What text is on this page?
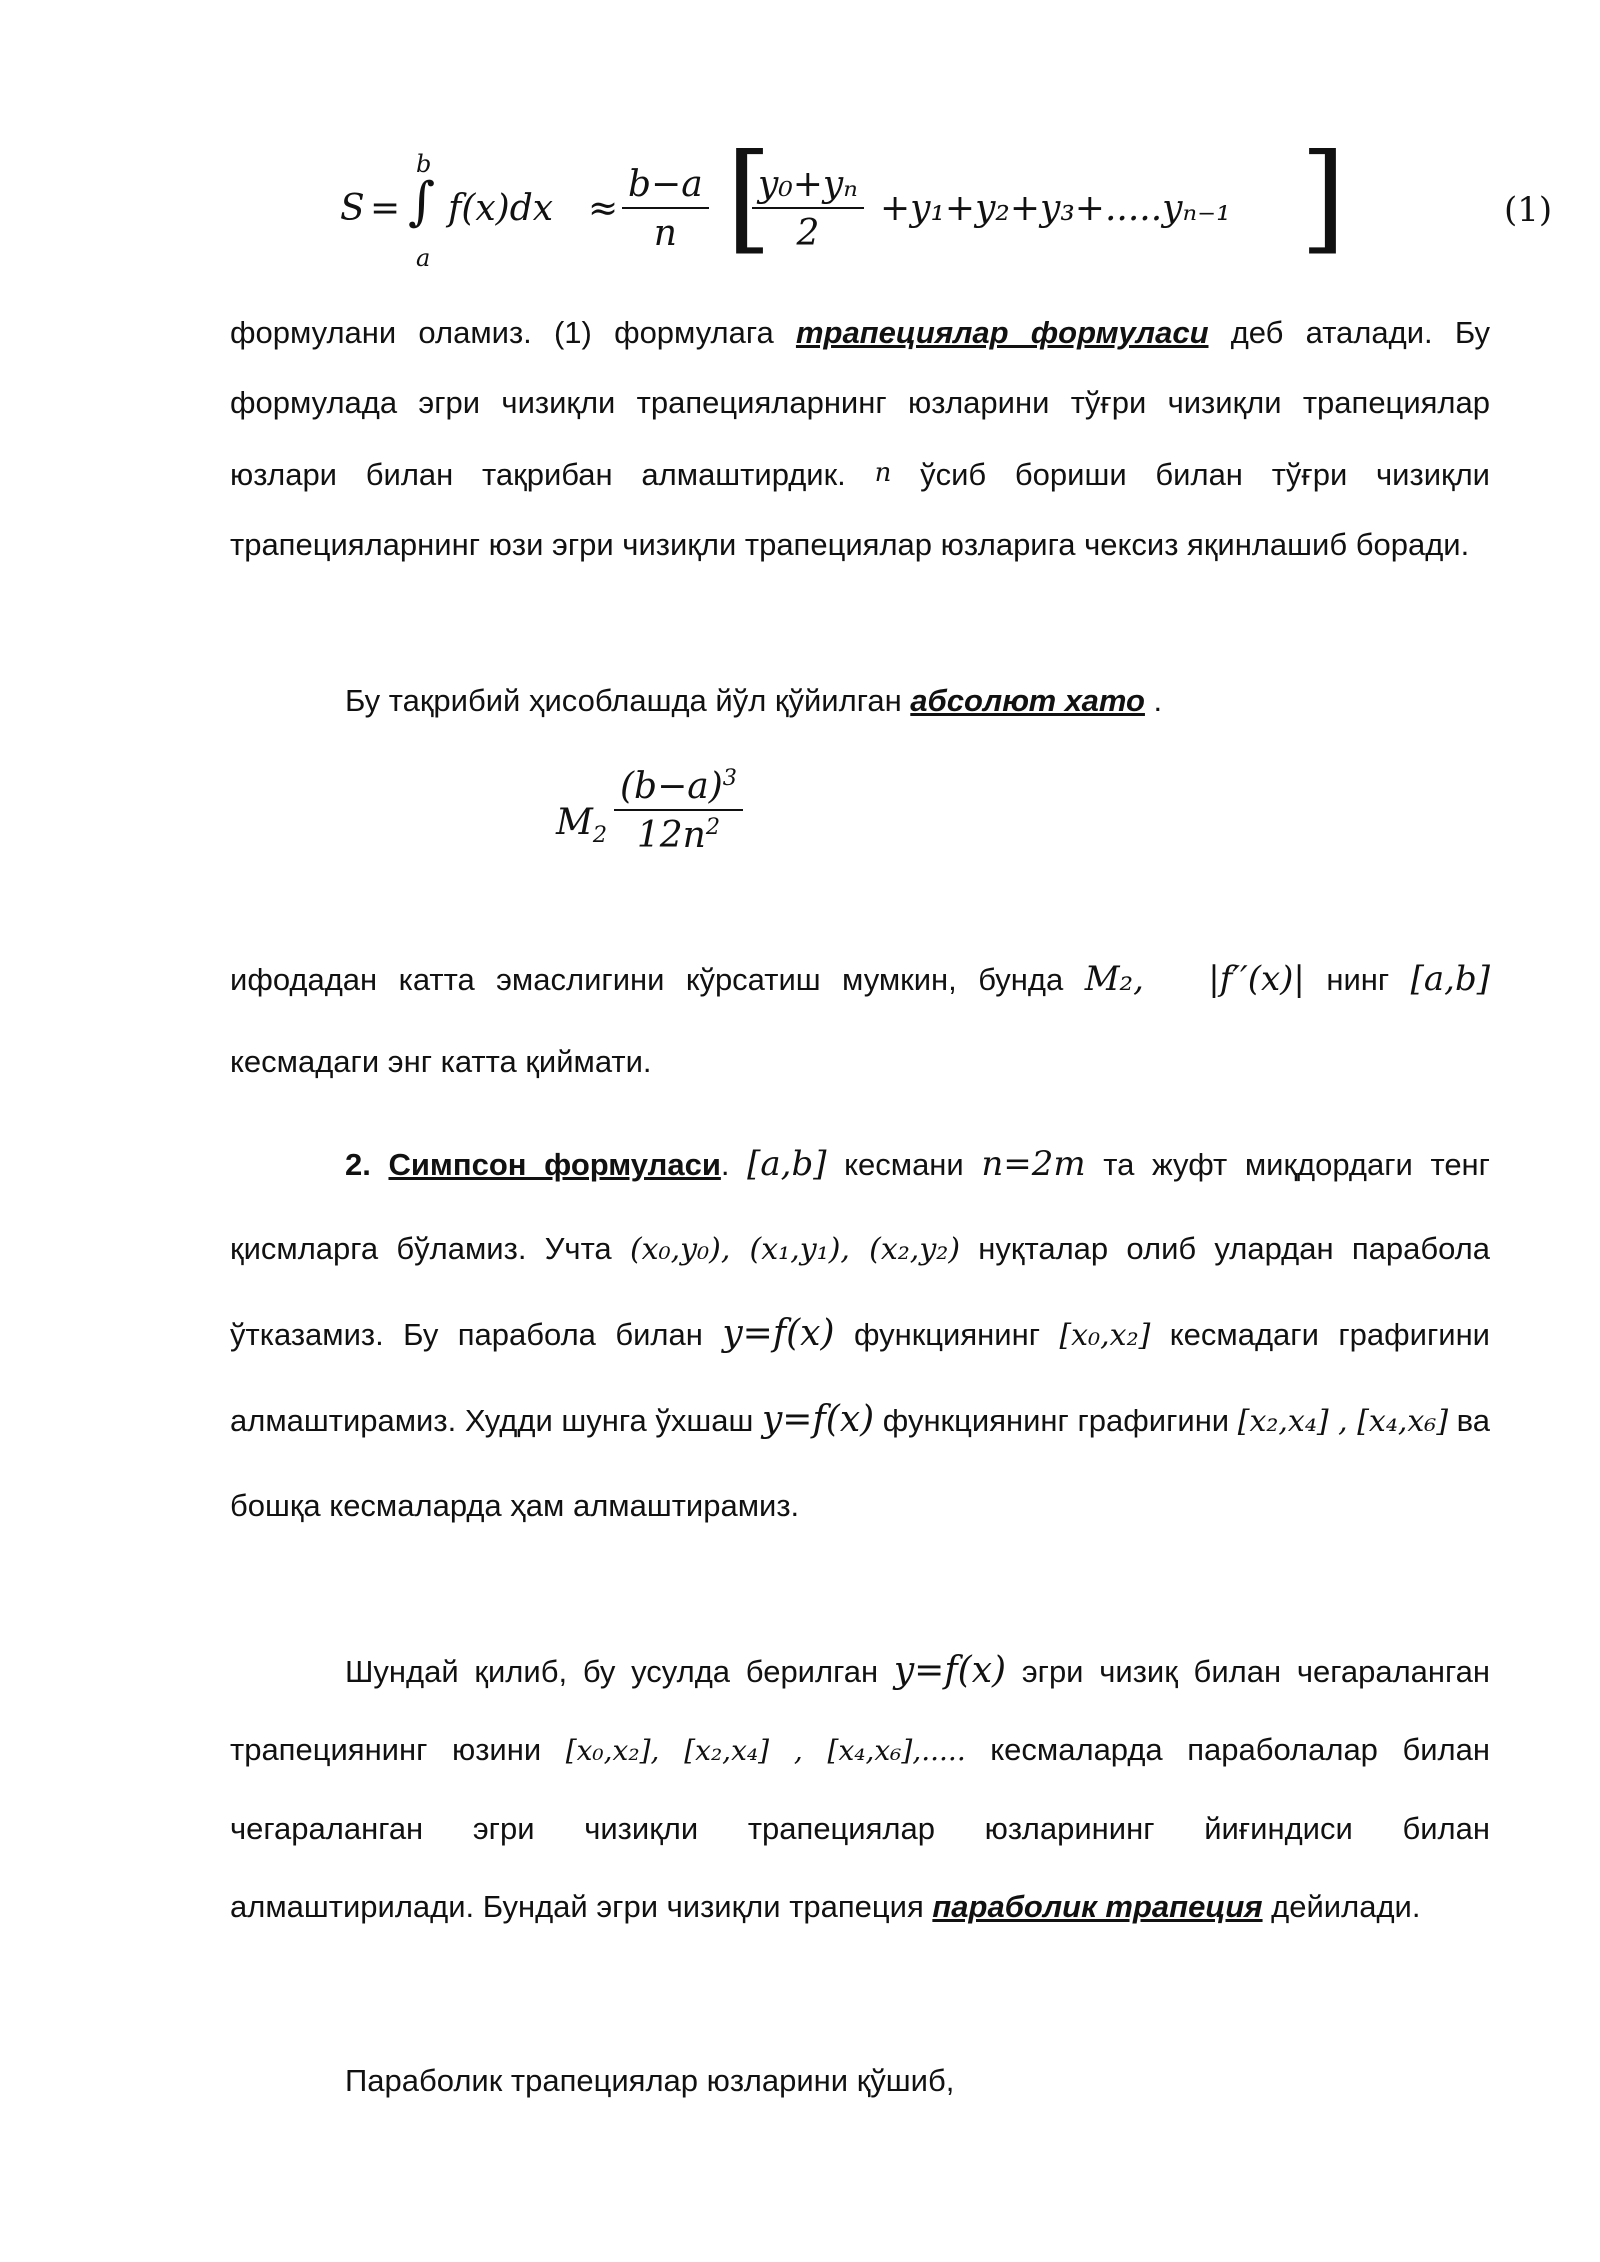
S =
b
∫
a
$f(x)dx \approx \frac{b-a}{n}$ [
$\frac{\text{y₀+yₙ}}{2} +y_1+y_2+y_3+.....y_{n-1}$ ]	(1)

формулани оламиз. (1) формулага трапециялар формуласи деб аталади. Бу формулада эгри чизиқли трапецияларнинг юзларини тўғри чизиқли трапециялар юзлари билан тақрибан алмаштирдик. n ўсиб бориши билан тўғри чизиқли трапецияларнинг юзи эгри чизиқли трапециялар юзларига чексиз яқинлашиб боради.

Бу тақрибий ҳисоблашда йўл қўйилган абсолют хато .

$M_2 \frac{(b-a)^3}{12n^2}$

ифодадан катта эмаслигини кўрсатиш мумкин, бунда M₂, |f′′(x)| нинг [a,b] кесмадаги энг катта қиймати.

2. Симпсон формуласи. [a,b] кесмани n=2m та жуфт миқдордаги тенг қисмларга бўламиз. Учта (x₀,y₀), (x₁,y₁), (x₂,y₂) нуқталар олиб улардан парабола ўтказамиз. Бу парабола билан y=f(x) функциянинг [x₀,x₂] кесмадаги графигини алмаштирамиз. Худди шунга ўхшаш y=f(x) функциянинг графигини [x₂,x₄] , [x₄,x₆] ва бошқа кесмаларда ҳам алмаштирамиз.

Шундай қилиб, бу усулда берилган y=f(x) эгри чизиқ билан чегараланган трапециянинг юзини [x₀,x₂], [x₂,x₄] , [x₄,x₆],..... кесмаларда параболалар билан чегараланган эгри чизиқли трапециялар юзларининг йиғиндиси билан алмаштирилади. Бундай эгри чизиқли трапеция параболик трапеция дейилади.

Параболик трапециялар юзларини қўшиб,
